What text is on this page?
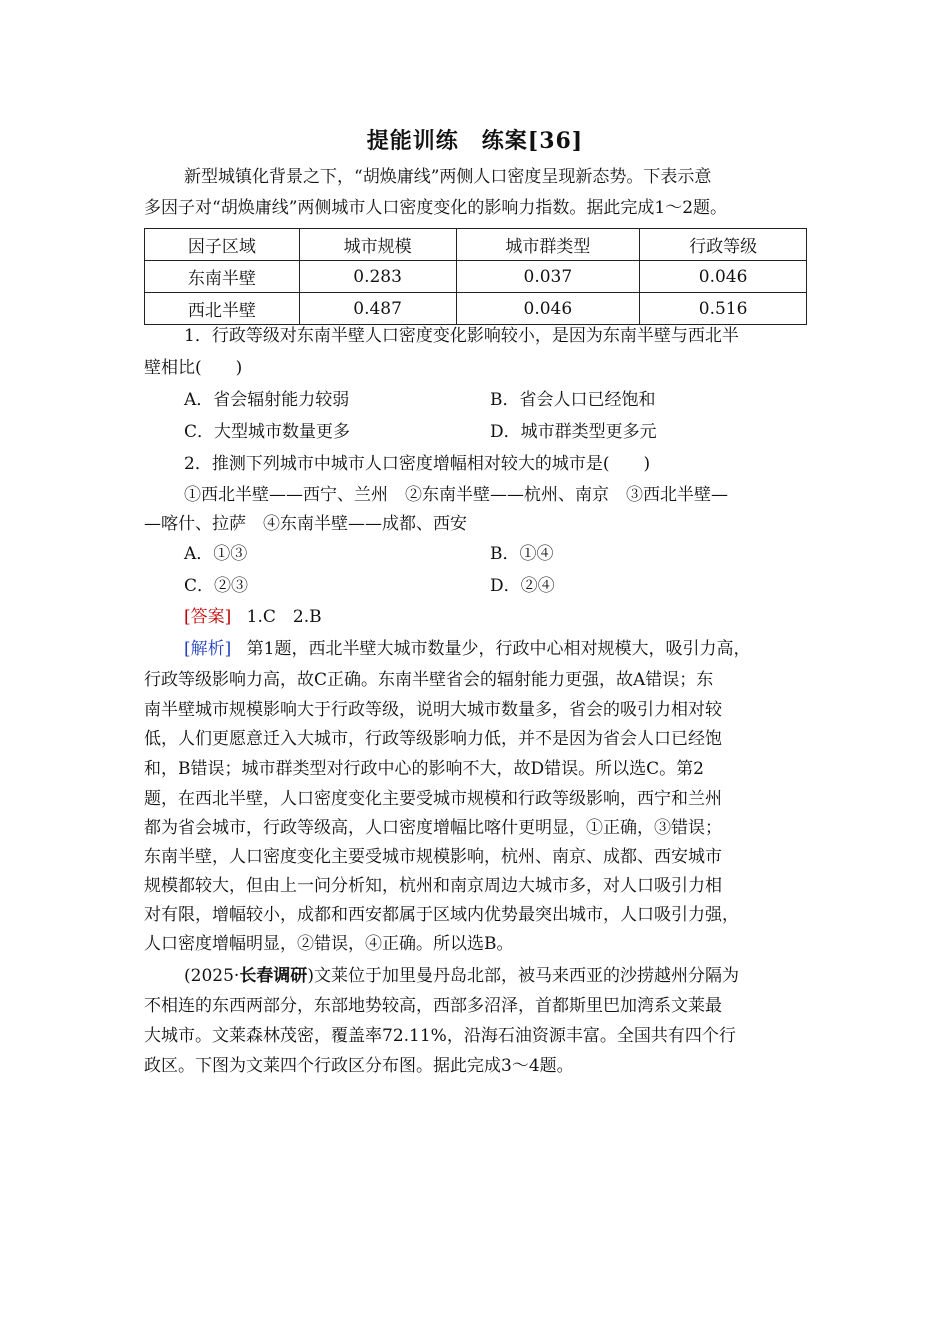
提能训练　练案[36]
新型城镇化背景之下，“胡焕庸线”两侧人口密度呈现新态势。下表示意
多因子对“胡焕庸线”两侧城市人口密度变化的影响力指数。据此完成1～2题。
因子区域	城市规模	城市群类型	行政等级
东南半壁	0.283	0.037	0.046
西北半壁	0.487	0.046	0.516
1．行政等级对东南半壁人口密度变化影响较小，是因为东南半壁与西北半
壁相比(　　)
A．省会辐射能力较弱	B．省会人口已经饱和
C．大型城市数量更多	D．城市群类型更多元
2．推测下列城市中城市人口密度增幅相对较大的城市是(　　)
①西北半壁——西宁、兰州　②东南半壁——杭州、南京　③西北半壁—
—喀什、拉萨　④东南半壁——成都、西安
A．①③	B．①④
C．②③	D．②④
[答案] 1.C　2.B
[解析] 第1题，西北半壁大城市数量少，行政中心相对规模大，吸引力高，
行政等级影响力高，故C正确。东南半壁省会的辐射能力更强，故A错误；东
南半壁城市规模影响大于行政等级，说明大城市数量多，省会的吸引力相对较
低，人们更愿意迁入大城市，行政等级影响力低，并不是因为省会人口已经饱
和，B错误；城市群类型对行政中心的影响不大，故D错误。所以选C。第2
题，在西北半壁，人口密度变化主要受城市规模和行政等级影响，西宁和兰州
都为省会城市，行政等级高，人口密度增幅比喀什更明显，①正确，③错误；
东南半壁，人口密度变化主要受城市规模影响，杭州、南京、成都、西安城市
规模都较大，但由上一问分析知，杭州和南京周边大城市多，对人口吸引力相
对有限，增幅较小，成都和西安都属于区域内优势最突出城市，人口吸引力强，
人口密度增幅明显，②错误，④正确。所以选B。
(2025·长春调研)文莱位于加里曼丹岛北部，被马来西亚的沙捞越州分隔为
不相连的东西两部分，东部地势较高，西部多沼泽，首都斯里巴加湾系文莱最
大城市。文莱森林茂密，覆盖率72.11%，沿海石油资源丰富。全国共有四个行
政区。下图为文莱四个行政区分布图。据此完成3～4题。
